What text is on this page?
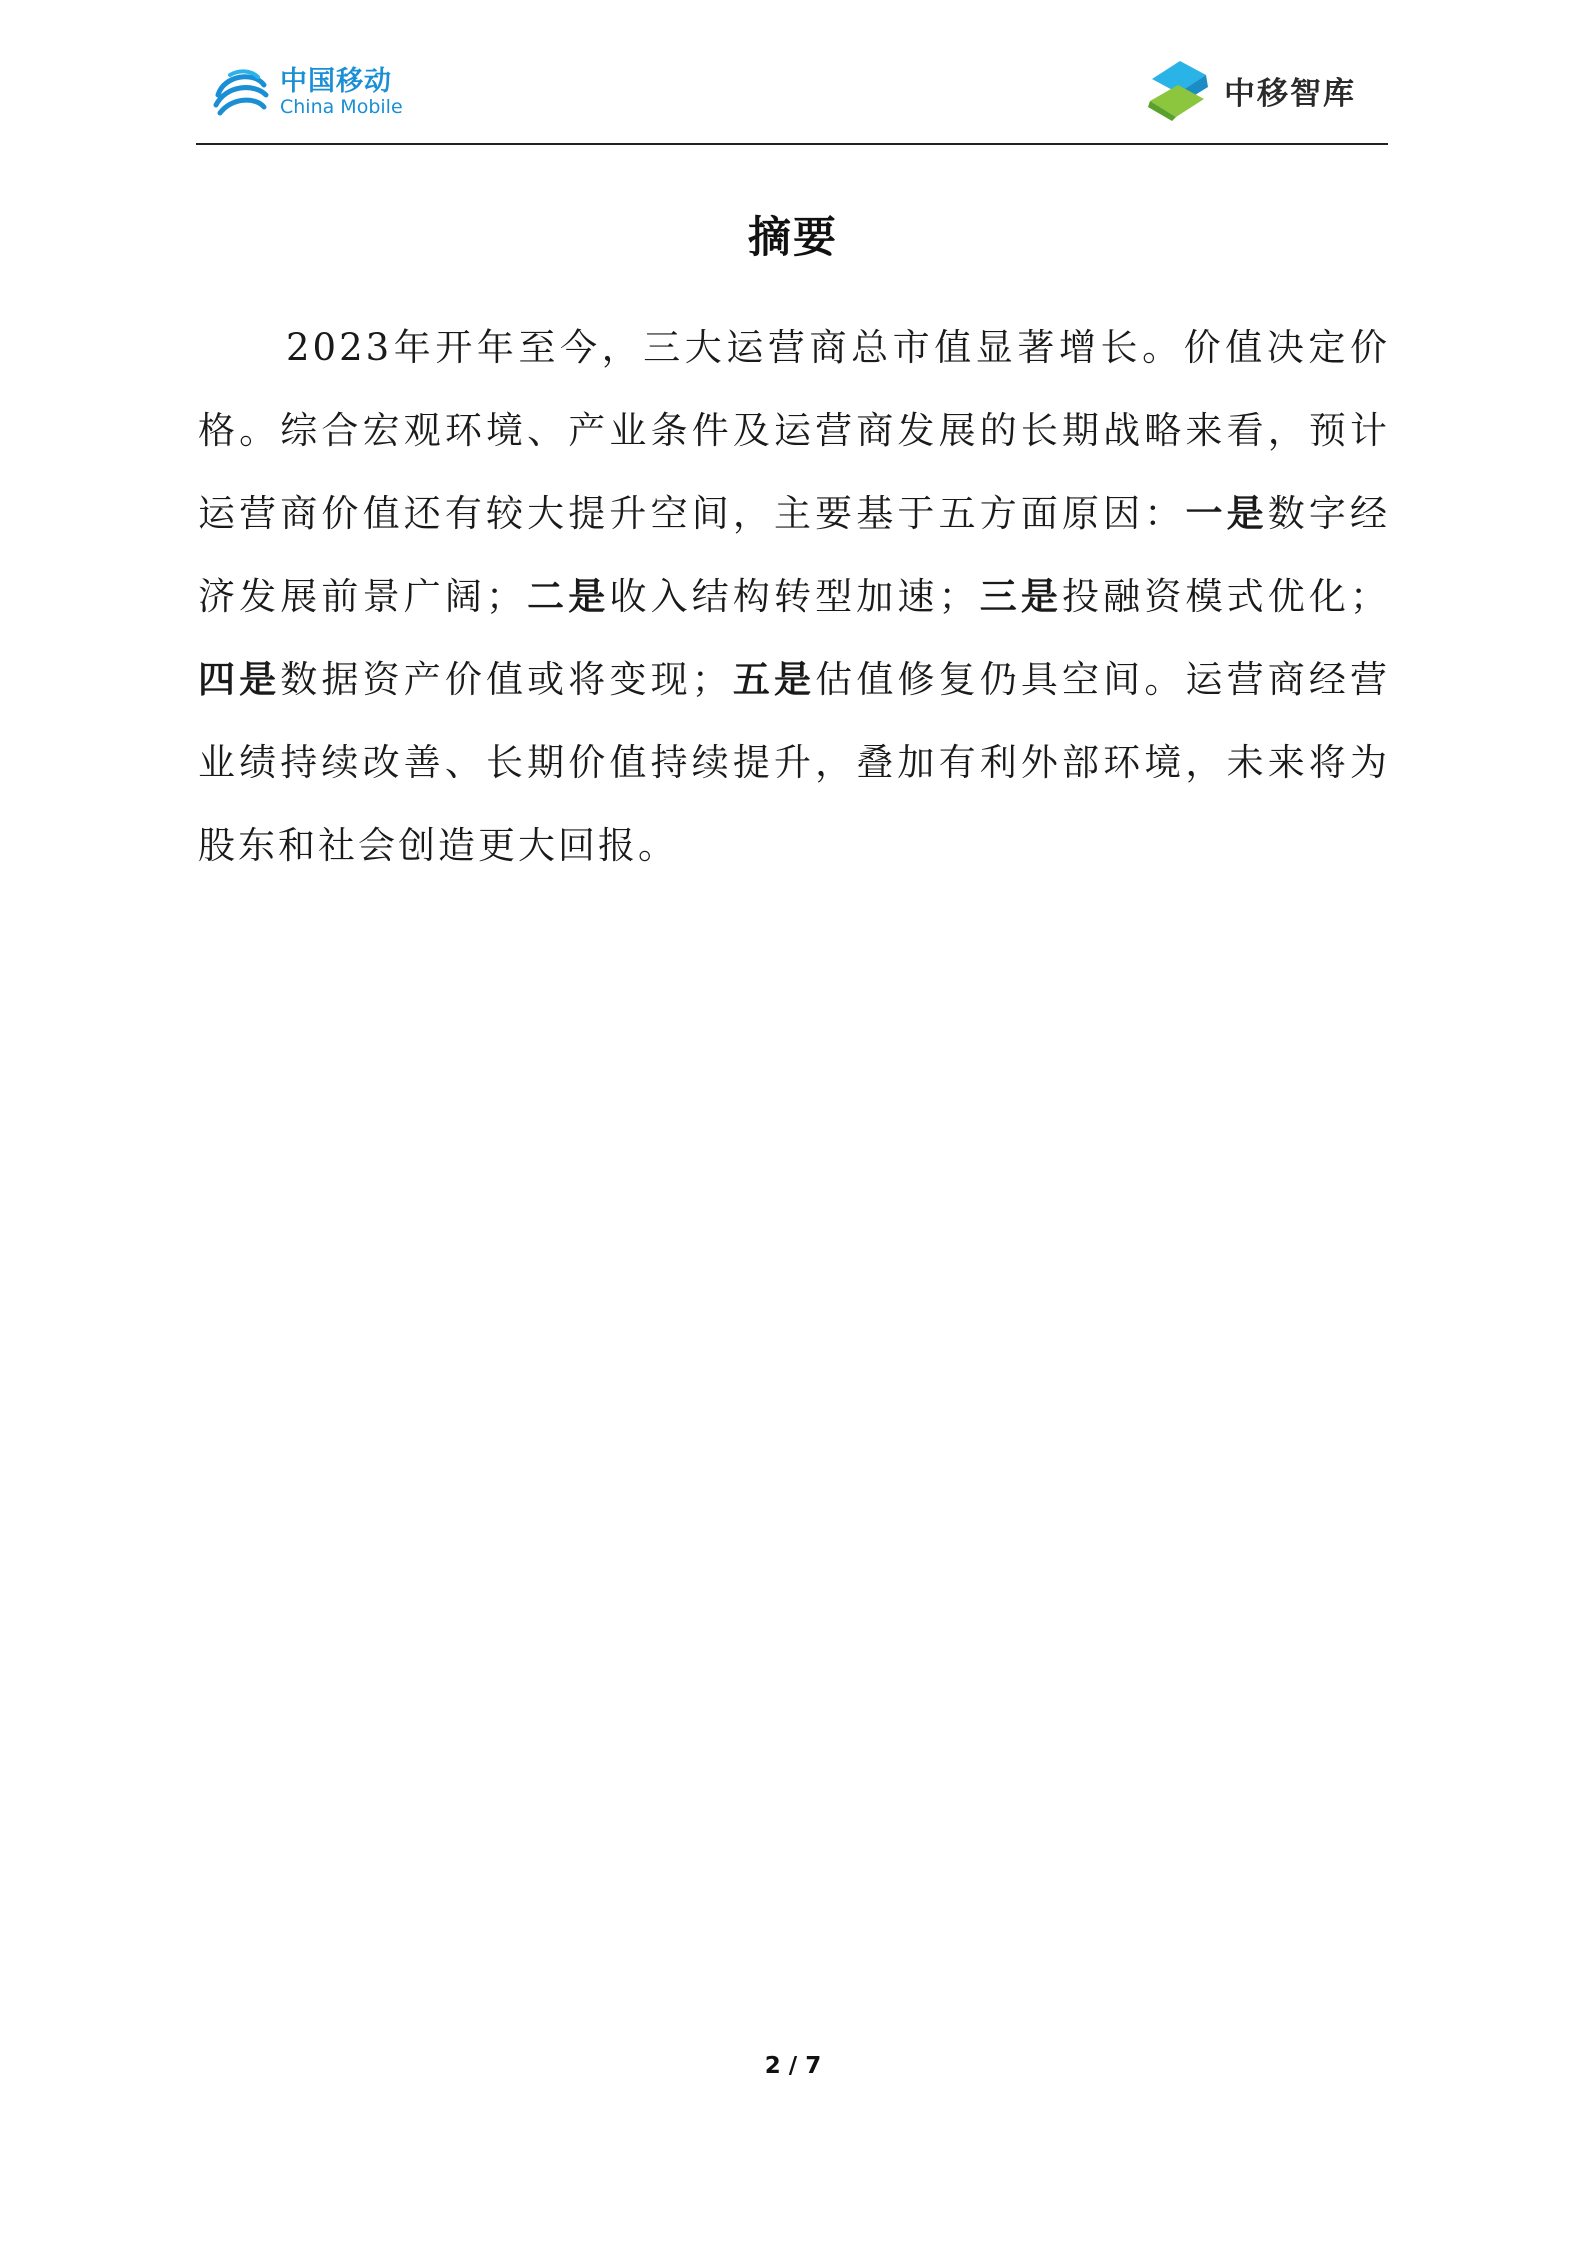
中国移动
China Mobile	中移智库
摘要

2023年开年至今，三大运营商总市值显著增长。价值决定价格。综合宏观环境、产业条件及运营商发展的长期战略来看，预计运营商价值还有较大提升空间，主要基于五方面原因：一是数字经济发展前景广阔；二是收入结构转型加速；三是投融资模式优化；四是数据资产价值或将变现；五是估值修复仍具空间。运营商经营业绩持续改善、长期价值持续提升，叠加有利外部环境，未来将为股东和社会创造更大回报。

2 / 7
